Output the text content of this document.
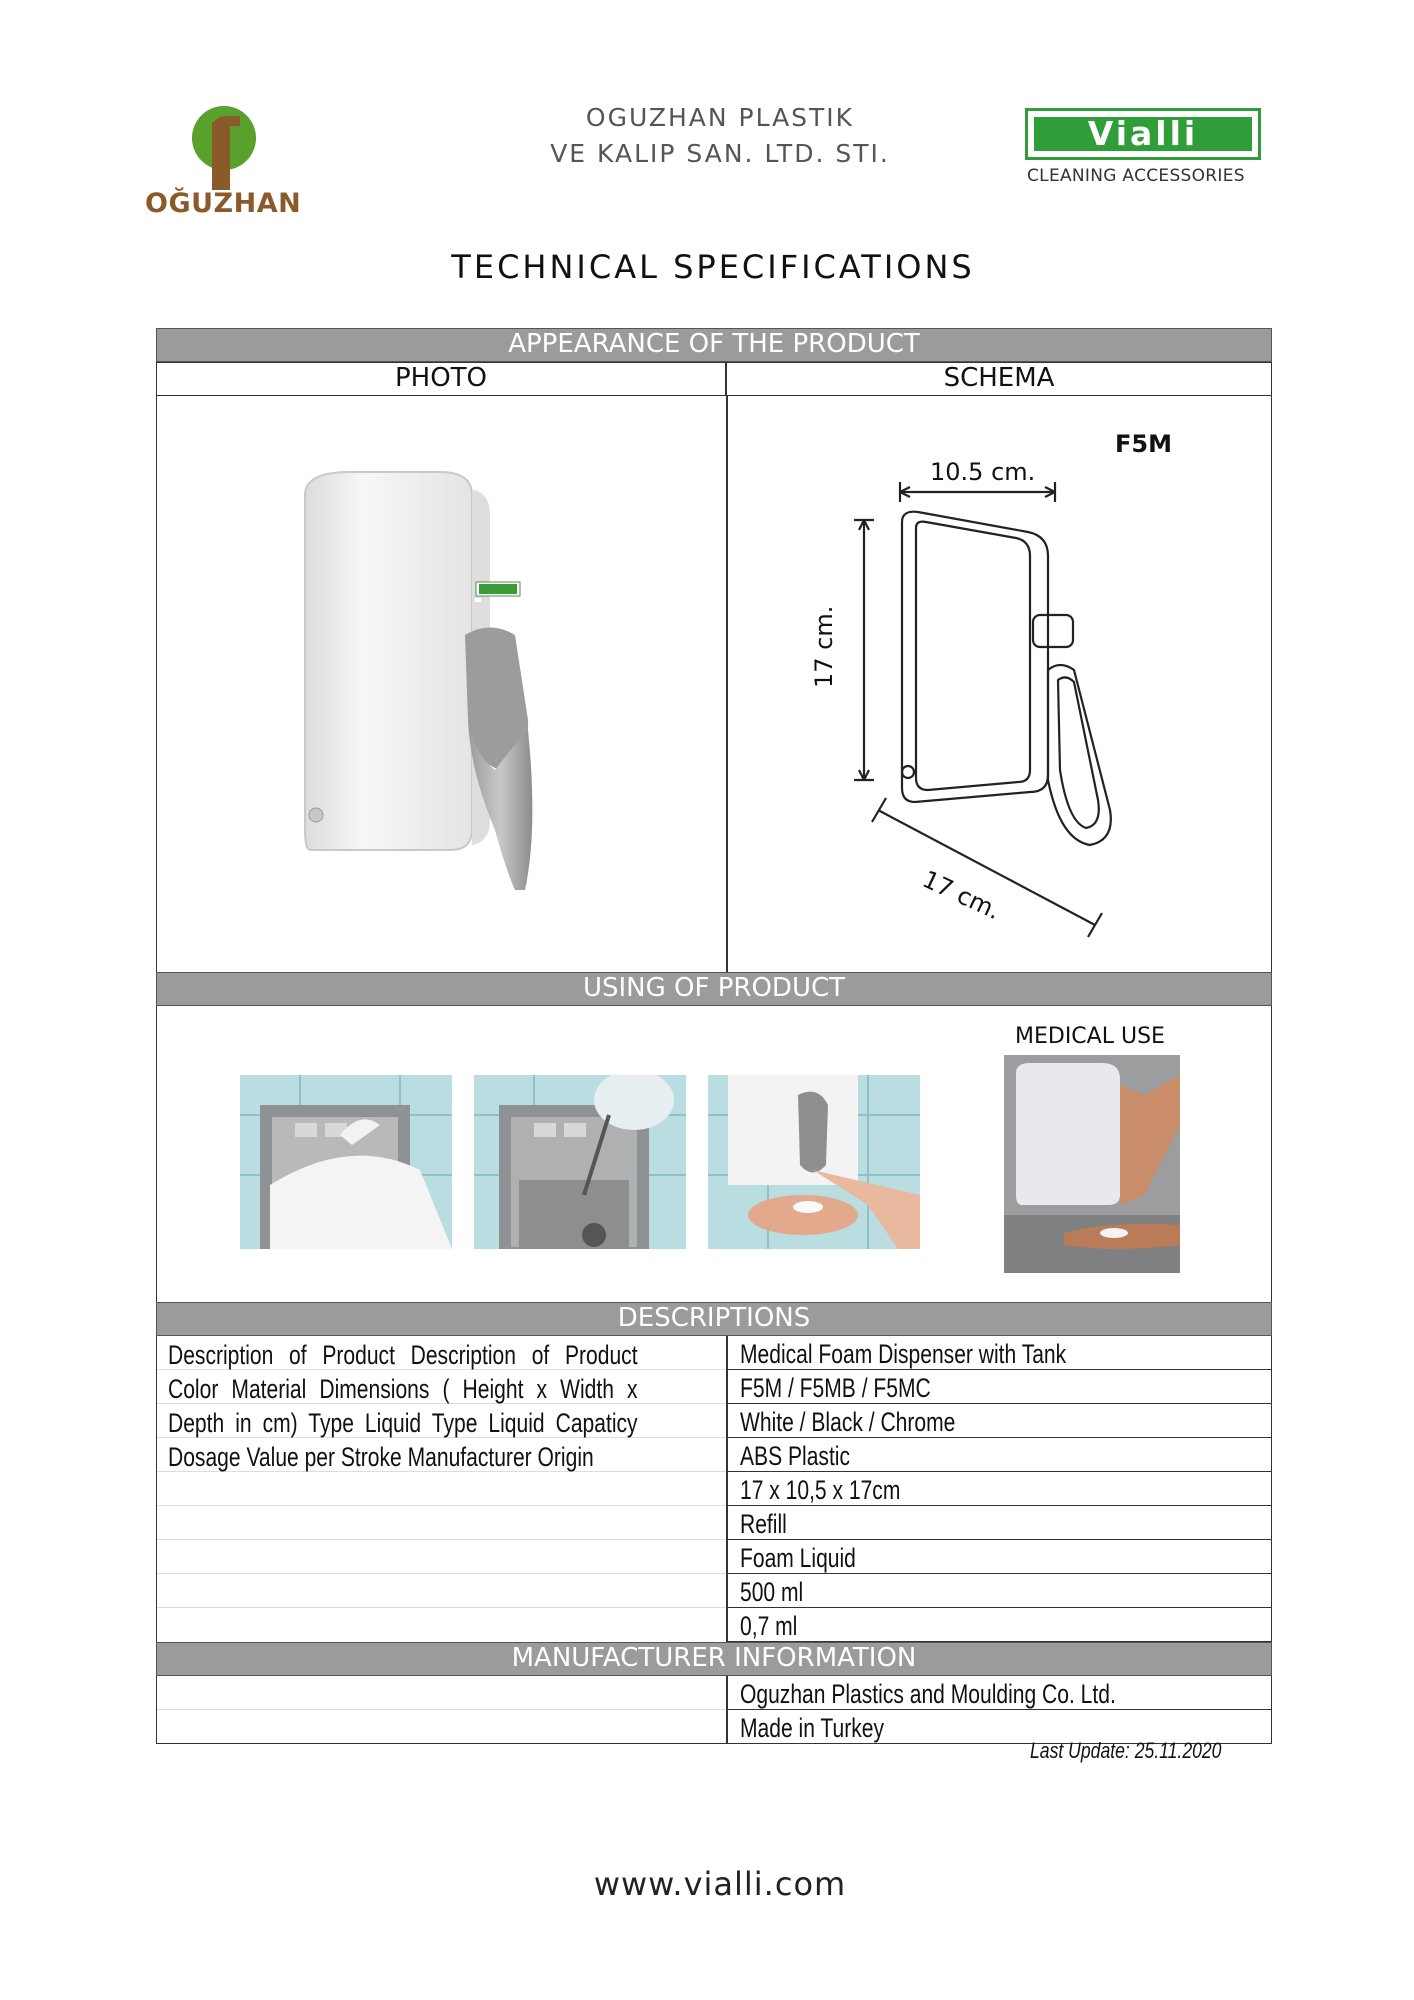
OĞUZHAN
OGUZHAN PLASTIK
VE KALIP SAN. LTD. STI.
Vialli
CLEANING ACCESSORIES
TECHNICAL SPECIFICATIONS
APPEARANCE OF THE PRODUCT
PHOTO	SCHEMA
F5M
10.5 cm.
17 cm.
17 cm.
USING OF PRODUCT
MEDICAL USE
DESCRIPTIONS
Description of Product Description of Product Color Material Dimensions ( Height x Width x Depth in cm) Type Liquid Type Liquid Capaticy Dosage Value per Stroke Manufacturer Origin
Medical Foam Dispenser with Tank
F5M / F5MB / F5MC
White / Black / Chrome
ABS Plastic
17 x 10,5 x 17cm
Refill
Foam Liquid
500 ml
0,7 ml
MANUFACTURER INFORMATION
Oguzhan Plastics and Moulding Co. Ltd.
Made in Turkey
Last Update: 25.11.2020
www.vialli.com
